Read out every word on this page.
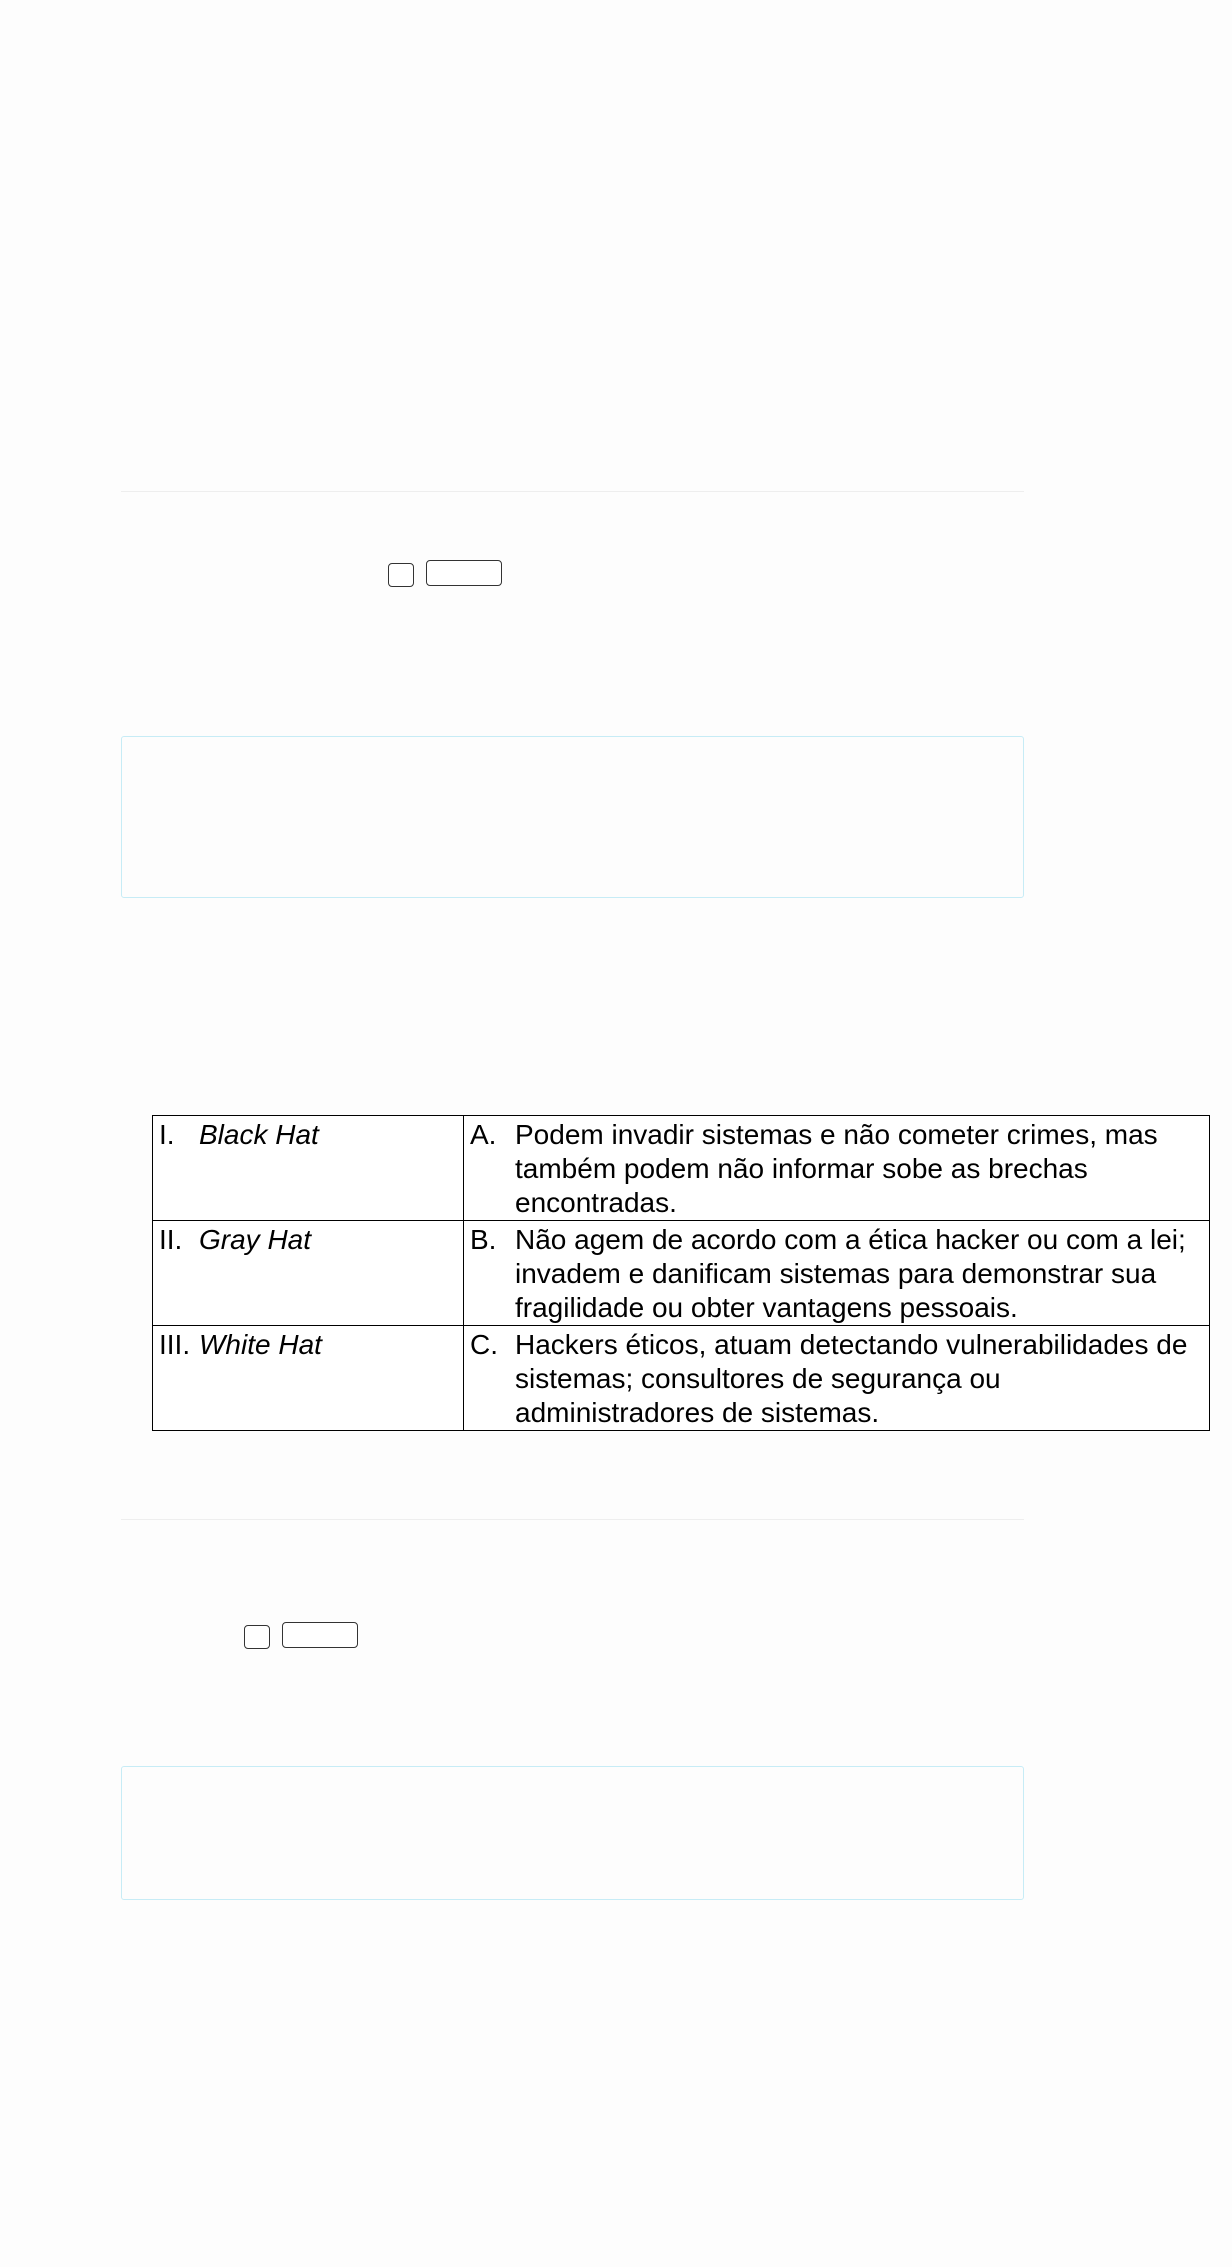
I. Black Hat	A. Podem invadir sistemas e não cometer crimes, mas também podem não informar sobe as brechas encontradas.

II. Gray Hat	B. Não agem de acordo com a ética hacker ou com a lei; invadem e danificam sistemas para demonstrar sua fragilidade ou obter vantagens pessoais.

III. White Hat	C. Hackers éticos, atuam detectando vulnerabilidades de sistemas; consultores de segurança ou administradores de sistemas.
